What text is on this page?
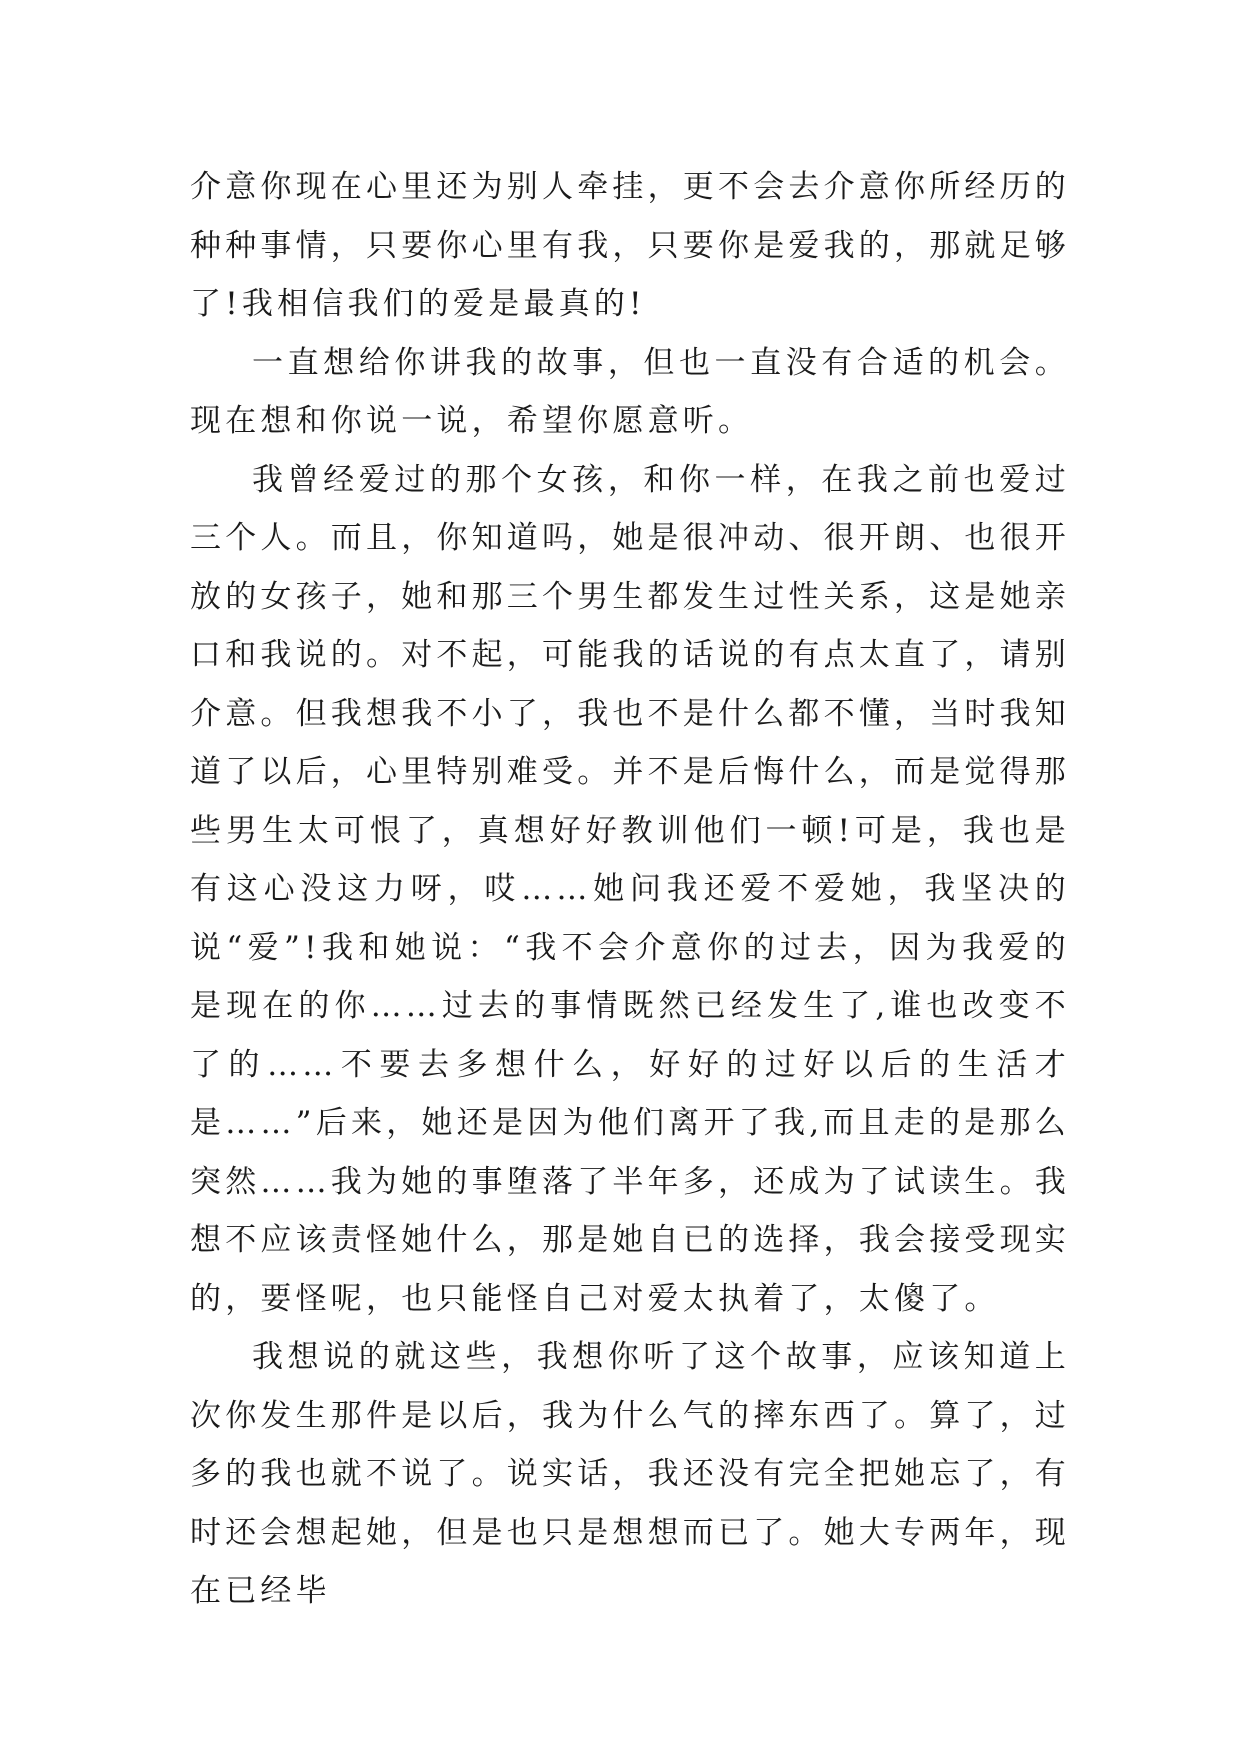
介意你现在心里还为别人牵挂，更不会去介意你所经历的种种事情，只要你心里有我，只要你是爱我的，那就足够了!我相信我们的爱是最真的!

一直想给你讲我的故事，但也一直没有合适的机会。现在想和你说一说，希望你愿意听。

我曾经爱过的那个女孩，和你一样，在我之前也爱过三个人。而且，你知道吗，她是很冲动、很开朗、也很开放的女孩子，她和那三个男生都发生过性关系，这是她亲口和我说的。对不起，可能我的话说的有点太直了，请别介意。但我想我不小了，我也不是什么都不懂，当时我知道了以后，心里特别难受。并不是后悔什么，而是觉得那些男生太可恨了，真想好好教训他们一顿!可是，我也是有这心没这力呀，哎……她问我还爱不爱她，我坚决的说“爱”!我和她说：“我不会介意你的过去，因为我爱的是现在的你……过去的事情既然已经发生了,谁也改变不了的……不要去多想什么，好好的过好以后的生活才是……”后来，她还是因为他们离开了我,而且走的是那么突然……我为她的事堕落了半年多，还成为了试读生。我想不应该责怪她什么，那是她自已的选择，我会接受现实的，要怪呢，也只能怪自己对爱太执着了，太傻了。

我想说的就这些，我想你听了这个故事，应该知道上次你发生那件是以后，我为什么气的摔东西了。算了，过多的我也就不说了。说实话，我还没有完全把她忘了，有时还会想起她，但是也只是想想而已了。她大专两年，现在已经毕
